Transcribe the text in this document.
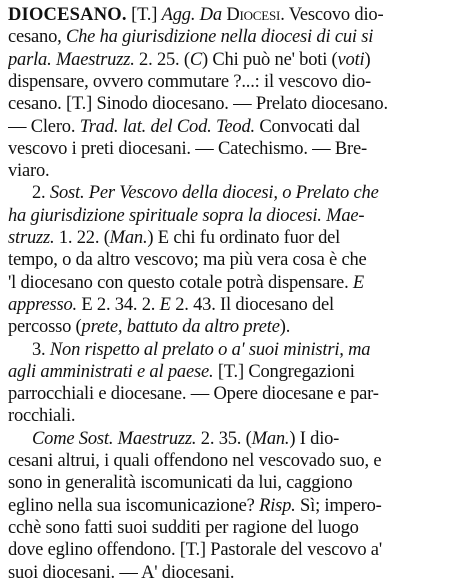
DIOCESANO. [T.] Agg. Da Diocesi. Vescovo dio-
cesano, Che ha giurisdizione nella diocesi di cui si
parla. Maestruzz. 2. 25. (C) Chi può ne' boti (voti)
dispensare, ovvero commutare ?...: il vescovo dio-
cesano. [T.] Sinodo diocesano. — Prelato diocesano.
— Clero. Trad. lat. del Cod. Teod. Convocati dal
vescovo i preti diocesani. — Catechismo. — Bre-
viaro.
2. Sost. Per Vescovo della diocesi, o Prelato che
ha giurisdizione spirituale sopra la diocesi. Mae-
struzz. 1. 22. (Man.) E chi fu ordinato fuor del
tempo, o da altro vescovo; ma più vera cosa è che
'l diocesano con questo cotale potrà dispensare. E
appresso. E 2. 34. 2. E 2. 43. Il diocesano del
percosso (prete, battuto da altro prete).
3. Non rispetto al prelato o a' suoi ministri, ma
agli amministrati e al paese. [T.] Congregazioni
parrocchiali e diocesane. — Opere diocesane e par-
rocchiali.
Come Sost. Maestruzz. 2. 35. (Man.) I dio-
cesani altrui, i quali offendono nel vescovado suo, e
sono in generalità iscomunicati da lui, caggiono
eglino nella sua iscomunicazione? Risp. Sì; impero-
cchè sono fatti suoi sudditi per ragione del luogo
dove eglino offendono. [T.] Pastorale del vescovo a'
suoi diocesani. — A' diocesani.
